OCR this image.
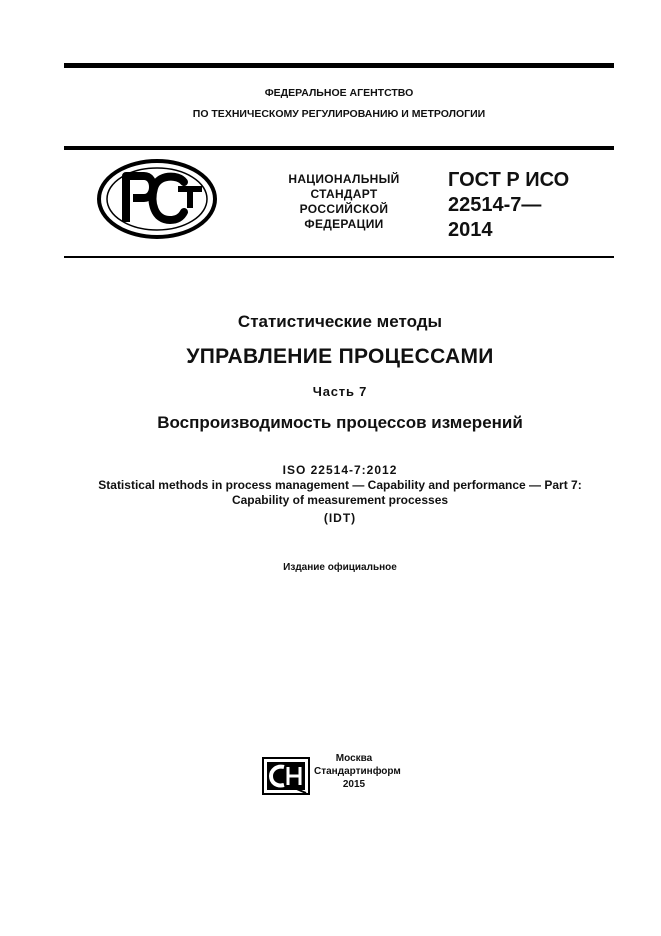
ФЕДЕРАЛЬНОЕ АГЕНТСТВО
ПО ТЕХНИЧЕСКОМУ РЕГУЛИРОВАНИЮ И МЕТРОЛОГИИ
НАЦИОНАЛЬНЫЙ
СТАНДАРТ
РОССИЙСКОЙ
ФЕДЕРАЦИИ
ГОСТ Р ИСО
22514-7—
2014
Статистические методы
УПРАВЛЕНИЕ ПРОЦЕССАМИ
Часть 7
Воспроизводимость процессов измерений
ISO 22514-7:2012
Statistical methods in process management — Capability and performance — Part 7:
Capability of measurement processes
(IDT)
Издание официальное
Москва
Стандартинформ
2015
